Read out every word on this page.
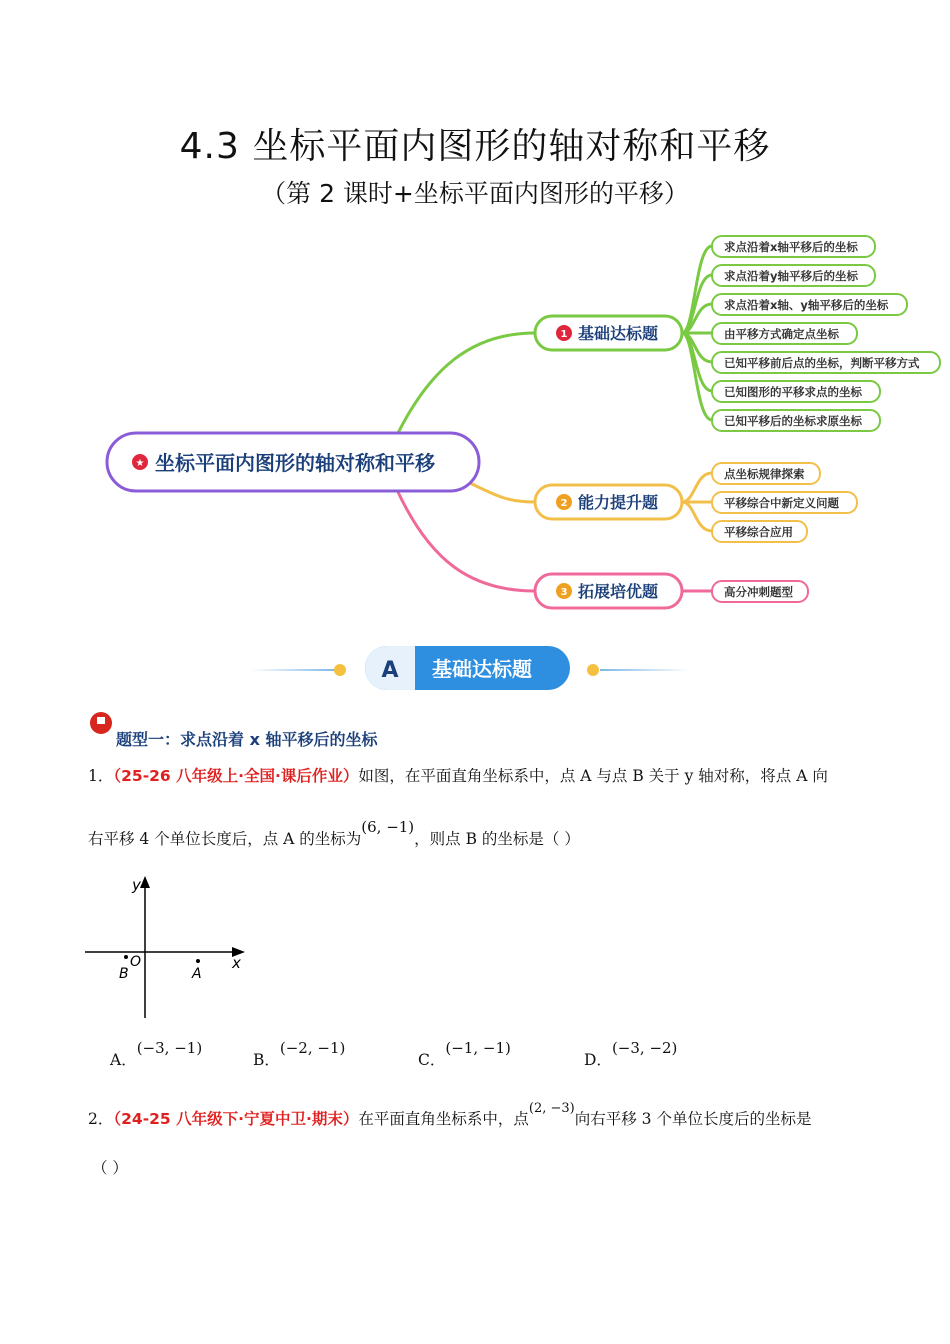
4.3 坐标平面内图形的轴对称和平移
（第 2 课时+坐标平面内图形的平移）
★ 坐标平面内图形的轴对称和平移
1 基础达标题
2 能力提升题
3 拓展培优题
求点沿着x轴平移后的坐标
求点沿着y轴平移后的坐标
求点沿着x轴、y轴平移后的坐标
由平移方式确定点坐标
已知平移前后点的坐标，判断平移方式
已知图形的平移求点的坐标
已知平移后的坐标求原坐标
点坐标规律探索
平移综合中新定义问题
平移综合应用
高分冲刺题型
A 基础达标题
题型一：求点沿着 x 轴平移后的坐标
1．（25-26 八年级上·全国·课后作业）如图，在平面直角坐标系中，点 A 与点 B 关于 y 轴对称，将点 A 向
右平移 4 个单位长度后，点 A 的坐标为(6, −1)，则点 B 的坐标是（ ）
y
x
O
B	A
A．(−3, −1)
B．(−2, −1)
C．(−1, −1)
D．(−3, −2)
2．（24-25 八年级下·宁夏中卫·期末）在平面直角坐标系中，点$^{(2, -3)}$向右平移 3 个单位长度后的坐标是
（ ）
